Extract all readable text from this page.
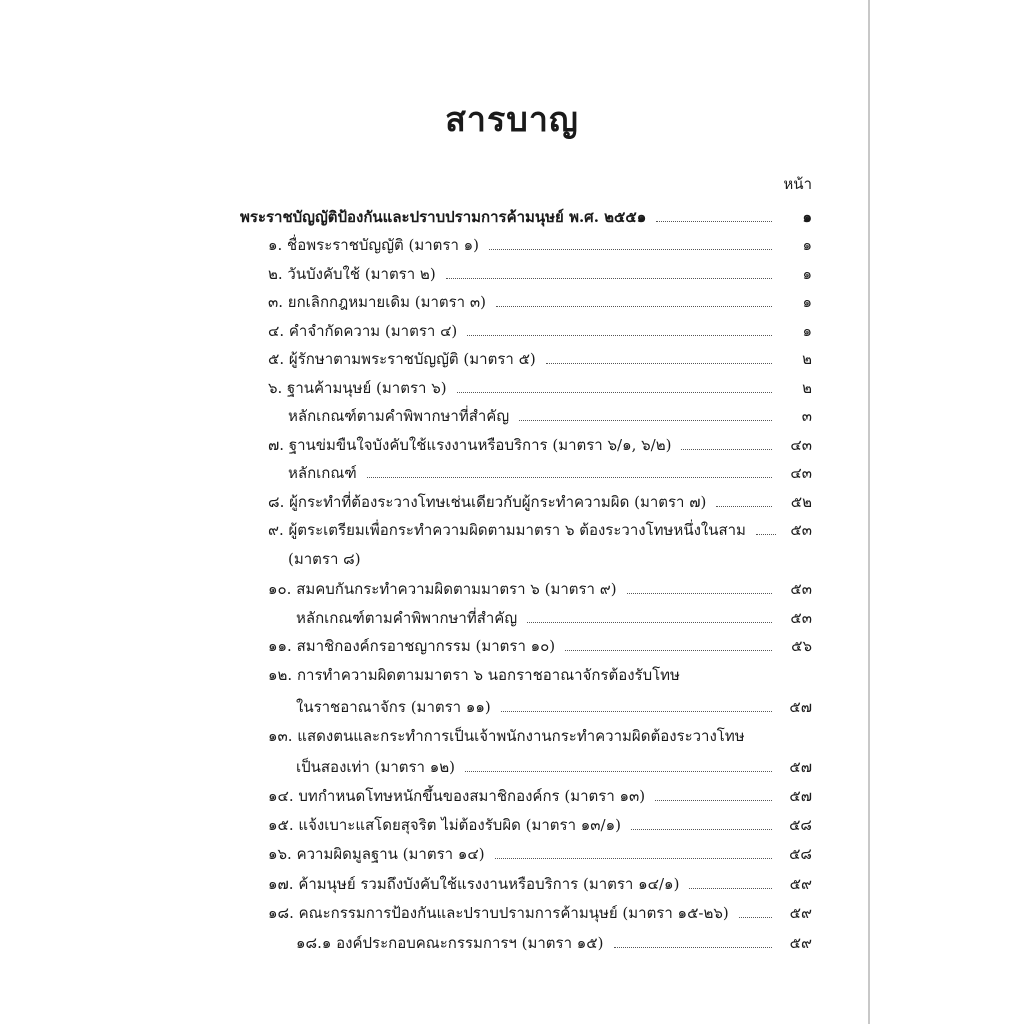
สารบาญ
หน้า
พระราชบัญญัติป้องกันและปราบปรามการค้ามนุษย์ พ.ศ. ๒๕๕๑	๑
๑. ชื่อพระราชบัญญัติ (มาตรา ๑)	๑
๒. วันบังคับใช้ (มาตรา ๒)	๑
๓. ยกเลิกกฎหมายเดิม (มาตรา ๓)	๑
๔. คำจำกัดความ (มาตรา ๔)	๑
๕. ผู้รักษาตามพระราชบัญญัติ (มาตรา ๕)	๒
๖. ฐานค้ามนุษย์ (มาตรา ๖)	๒
หลักเกณฑ์ตามคำพิพากษาที่สำคัญ	๓
๗. ฐานข่มขืนใจบังคับใช้แรงงานหรือบริการ (มาตรา ๖/๑, ๖/๒)	๔๓
หลักเกณฑ์	๔๓
๘. ผู้กระทำที่ต้องระวางโทษเช่นเดียวกับผู้กระทำความผิด (มาตรา ๗)	๕๒
๙. ผู้ตระเตรียมเพื่อกระทำความผิดตามมาตรา ๖ ต้องระวางโทษหนึ่งในสาม	๕๓
(มาตรา ๘)
๑๐. สมคบกันกระทำความผิดตามมาตรา ๖ (มาตรา ๙)	๕๓
หลักเกณฑ์ตามคำพิพากษาที่สำคัญ	๕๓
๑๑. สมาชิกองค์กรอาชญากรรม (มาตรา ๑๐)	๕๖
๑๒. การทำความผิดตามมาตรา ๖ นอกราชอาณาจักรต้องรับโทษ
ในราชอาณาจักร (มาตรา ๑๑)	๕๗
๑๓. แสดงตนและกระทำการเป็นเจ้าพนักงานกระทำความผิดต้องระวางโทษ
เป็นสองเท่า (มาตรา ๑๒)	๕๗
๑๔. บทกำหนดโทษหนักขึ้นของสมาชิกองค์กร (มาตรา ๑๓)	๕๗
๑๕. แจ้งเบาะแสโดยสุจริต ไม่ต้องรับผิด (มาตรา ๑๓/๑)	๕๘
๑๖. ความผิดมูลฐาน (มาตรา ๑๔)	๕๘
๑๗. ค้ามนุษย์ รวมถึงบังคับใช้แรงงานหรือบริการ (มาตรา ๑๔/๑)	๕๙
๑๘. คณะกรรมการป้องกันและปราบปรามการค้ามนุษย์ (มาตรา ๑๕-๒๖)	๕๙
๑๘.๑ องค์ประกอบคณะกรรมการฯ (มาตรา ๑๕)	๕๙
